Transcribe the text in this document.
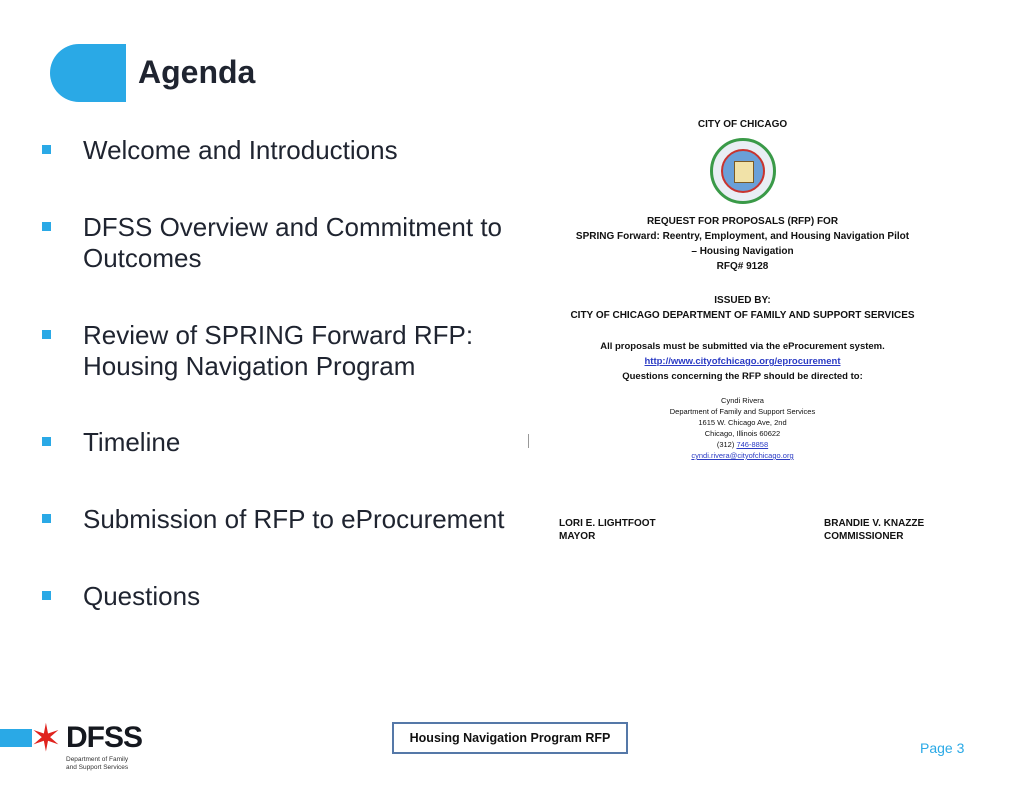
Agenda
Welcome and Introductions
DFSS Overview and Commitment to
Outcomes
Review of SPRING Forward RFP:
Housing Navigation Program
Timeline
Submission of RFP to eProcurement
Questions
CITY OF CHICAGO
REQUEST FOR PROPOSALS (RFP) FOR
SPRING Forward: Reentry, Employment, and Housing Navigation Pilot
– Housing Navigation
RFQ# 9128
ISSUED BY:
CITY OF CHICAGO DEPARTMENT OF FAMILY AND SUPPORT SERVICES
All proposals must be submitted via the eProcurement system.
http://www.cityofchicago.org/eprocurement
Questions concerning the RFP should be directed to:
Cyndi Rivera
Department of Family and Support Services
1615 W. Chicago Ave, 2nd
Chicago, Illinois 60622
(312) 746-8858
cyndi.rivera@cityofchicago.org
LORI E. LIGHTFOOT
MAYOR
BRANDIE V. KNAZZE
COMMISSIONER
✶ DFSS
Department of Family
and Support Services
Housing Navigation Program RFP
Page 3
